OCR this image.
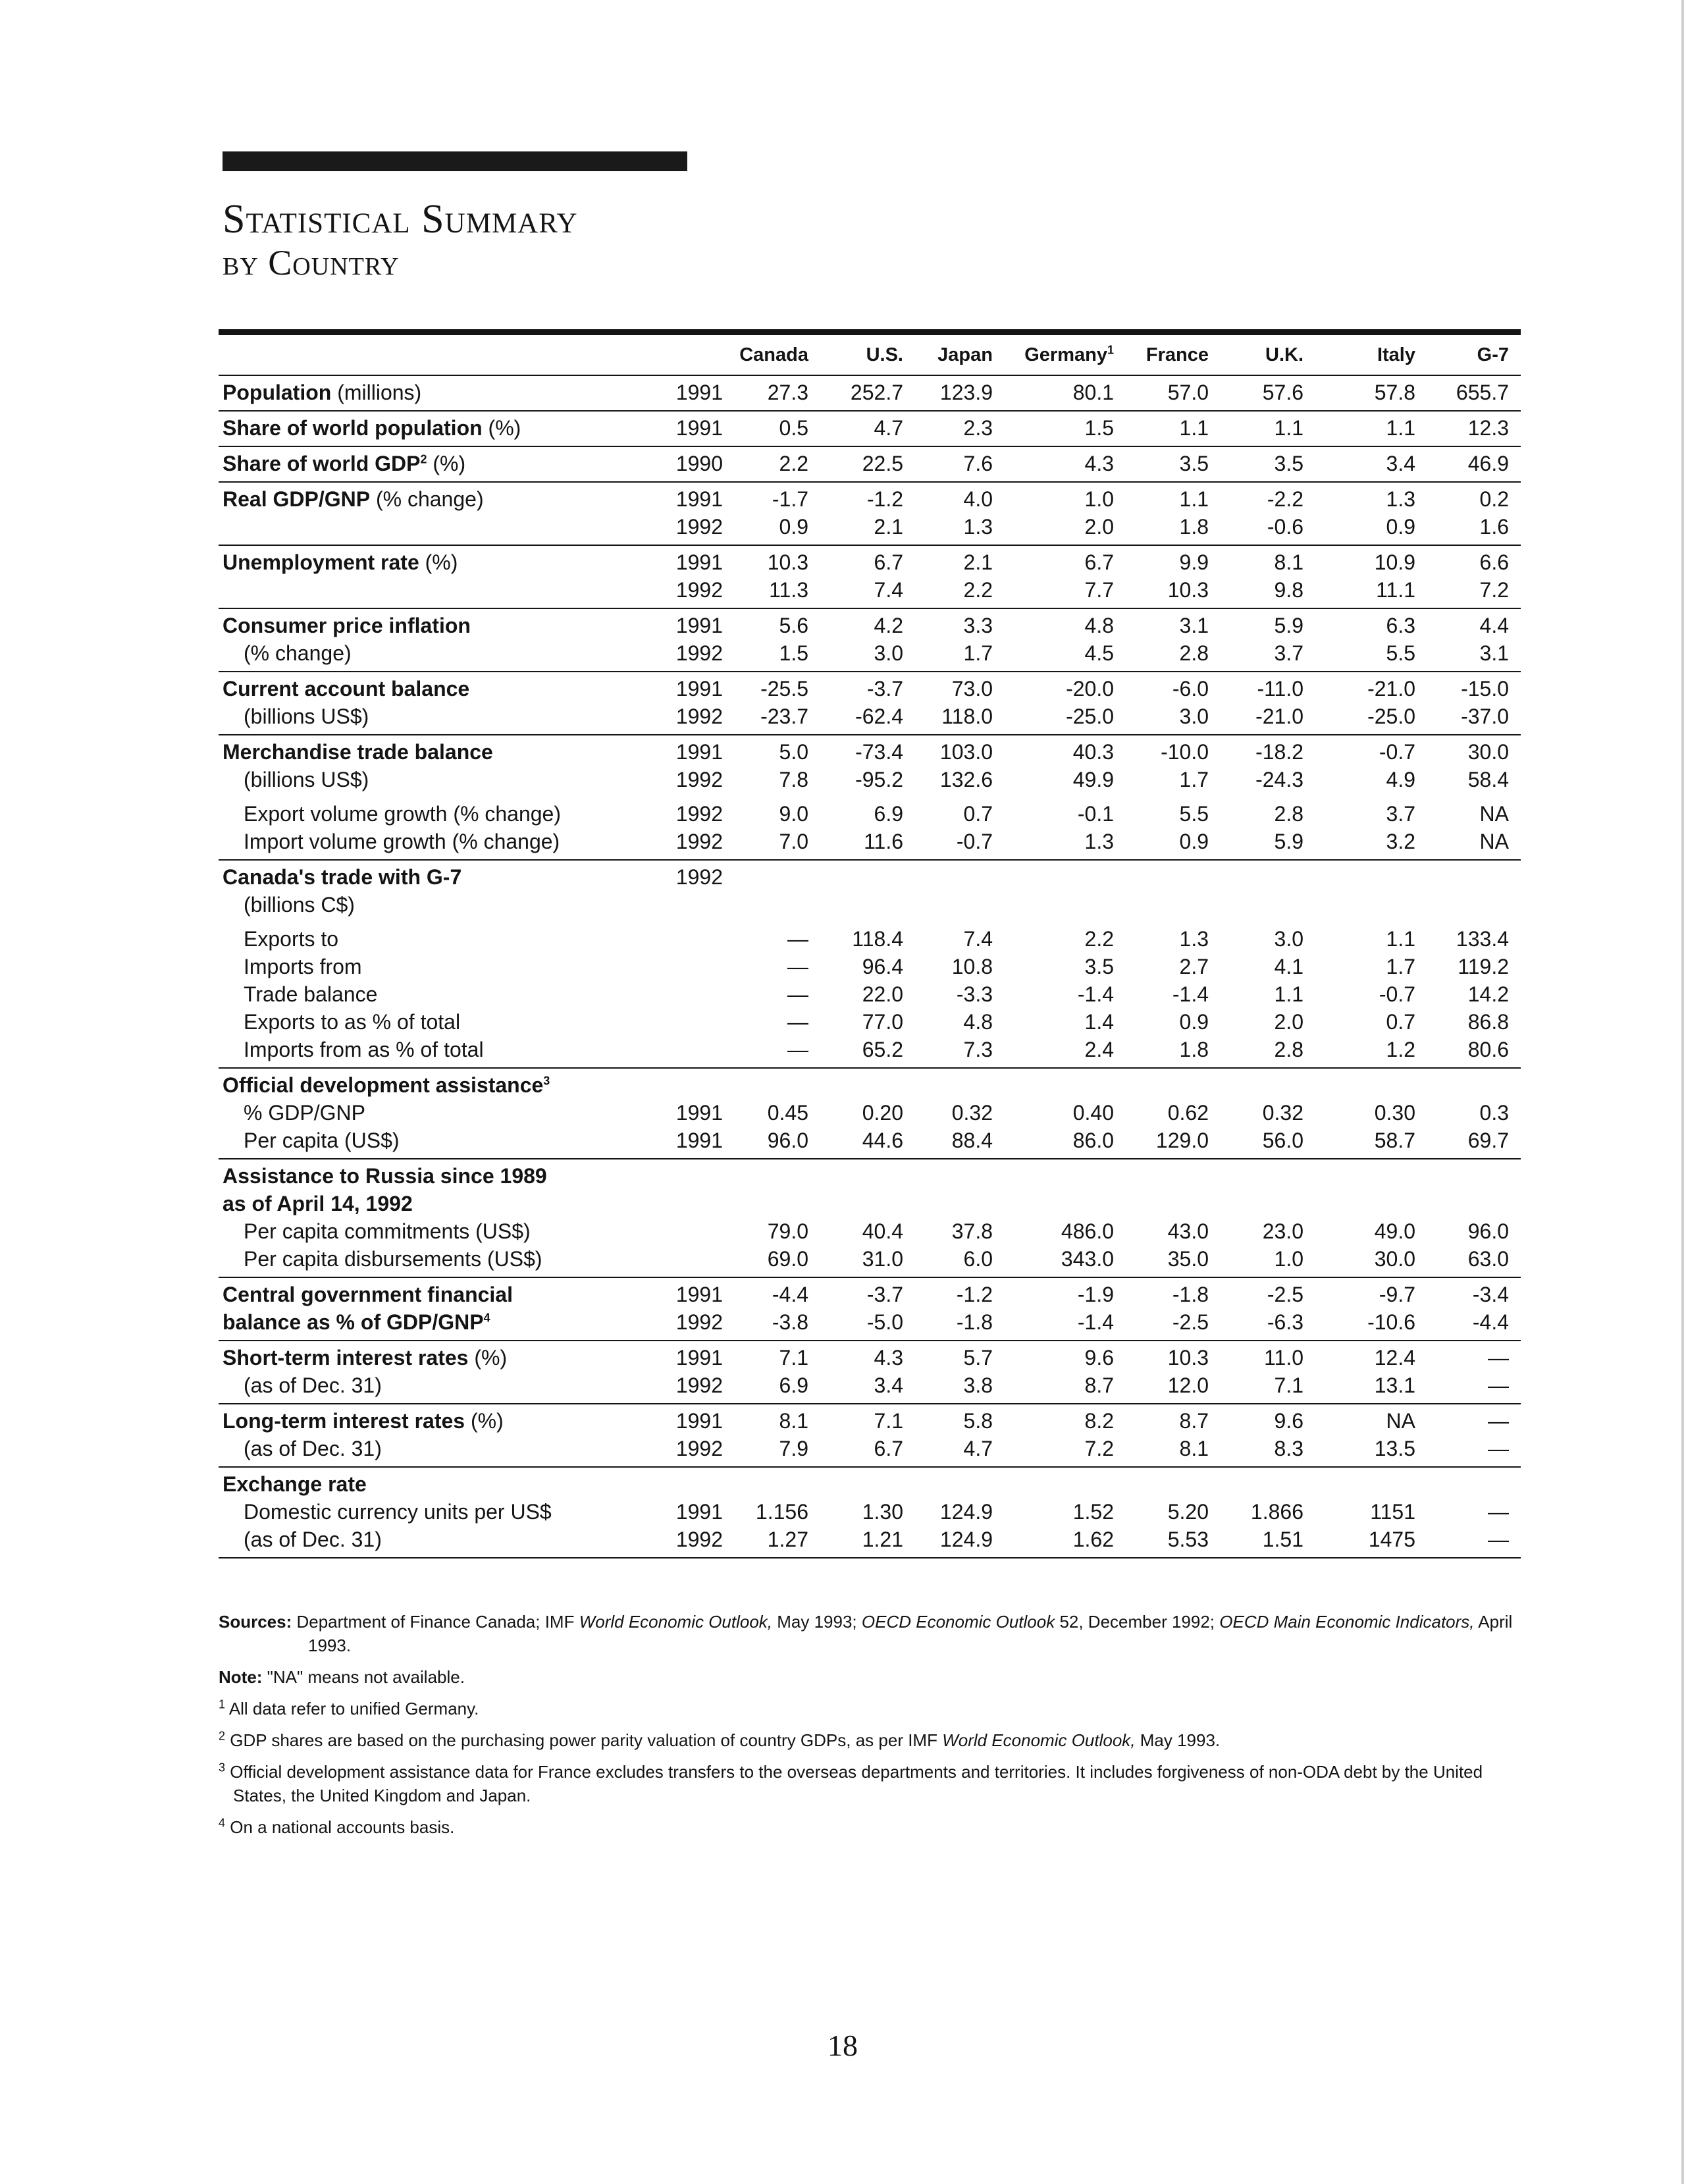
Statistical Summary
by Country
Canada	U.S.	Japan	Germany$^1$	France	U.K.	Italy	G-7
Population (millions)	1991	27.3	252.7	123.9	80.1	57.0	57.6	57.8	655.7
Share of world population (%)	1991	0.5	4.7	2.3	1.5	1.1	1.1	1.1	12.3
Share of world GDP$^2$ (%)	1990	2.2	22.5	7.6	4.3	3.5	3.5	3.4	46.9
Real GDP/GNP (% change)	1991	-1.7	-1.2	4.0	1.0	1.1	-2.2	1.3	0.2
1992	0.9	2.1	1.3	2.0	1.8	-0.6	0.9	1.6
Unemployment rate (%)	1991	10.3	6.7	2.1	6.7	9.9	8.1	10.9	6.6
1992	11.3	7.4	2.2	7.7	10.3	9.8	11.1	7.2
Consumer price inflation	1991	5.6	4.2	3.3	4.8	3.1	5.9	6.3	4.4
(% change)	1992	1.5	3.0	1.7	4.5	2.8	3.7	5.5	3.1
Current account balance	1991	-25.5	-3.7	73.0	-20.0	-6.0	-11.0	-21.0	-15.0
(billions US$)	1992	-23.7	-62.4	118.0	-25.0	3.0	-21.0	-25.0	-37.0
Merchandise trade balance	1991	5.0	-73.4	103.0	40.3	-10.0	-18.2	-0.7	30.0
(billions US$)	1992	7.8	-95.2	132.6	49.9	1.7	-24.3	4.9	58.4
Export volume growth (% change)	1992	9.0	6.9	0.7	-0.1	5.5	2.8	3.7	NA
Import volume growth (% change)	1992	7.0	11.6	-0.7	1.3	0.9	5.9	3.2	NA
Canada's trade with G-7	1992
(billions C$)
Exports to	—	118.4	7.4	2.2	1.3	3.0	1.1	133.4
Imports from	—	96.4	10.8	3.5	2.7	4.1	1.7	119.2
Trade balance	—	22.0	-3.3	-1.4	-1.4	1.1	-0.7	14.2
Exports to as % of total	—	77.0	4.8	1.4	0.9	2.0	0.7	86.8
Imports from as % of total	—	65.2	7.3	2.4	1.8	2.8	1.2	80.6
Official development assistance$^3$
% GDP/GNP	1991	0.45	0.20	0.32	0.40	0.62	0.32	0.30	0.3
Per capita (US$)	1991	96.0	44.6	88.4	86.0	129.0	56.0	58.7	69.7
Assistance to Russia since 1989
as of April 14, 1992
Per capita commitments (US$)	79.0	40.4	37.8	486.0	43.0	23.0	49.0	96.0
Per capita disbursements (US$)	69.0	31.0	6.0	343.0	35.0	1.0	30.0	63.0
Central government financial	1991	-4.4	-3.7	-1.2	-1.9	-1.8	-2.5	-9.7	-3.4
balance as % of GDP/GNP$^4$	1992	-3.8	-5.0	-1.8	-1.4	-2.5	-6.3	-10.6	-4.4
Short-term interest rates (%)	1991	7.1	4.3	5.7	9.6	10.3	11.0	12.4	—
(as of Dec. 31)	1992	6.9	3.4	3.8	8.7	12.0	7.1	13.1	—
Long-term interest rates (%)	1991	8.1	7.1	5.8	8.2	8.7	9.6	NA	—
(as of Dec. 31)	1992	7.9	6.7	4.7	7.2	8.1	8.3	13.5	—
Exchange rate
Domestic currency units per US$	1991	1.156	1.30	124.9	1.52	5.20	1.866	1151	—
(as of Dec. 31)	1992	1.27	1.21	124.9	1.62	5.53	1.51	1475	—

Sources: Department of Finance Canada; IMF World Economic Outlook, May 1993; OECD Economic Outlook 52, December 1992; OECD Main Economic Indicators, April 1993.

Note: "NA" means not available.

$^1$ All data refer to unified Germany.

$^2$ GDP shares are based on the purchasing power parity valuation of country GDPs, as per IMF World Economic Outlook, May 1993.

$^3$ Official development assistance data for France excludes transfers to the overseas departments and territories. It includes forgiveness of non-ODA debt by the United States, the United Kingdom and Japan.

$^4$ On a national accounts basis.

18
